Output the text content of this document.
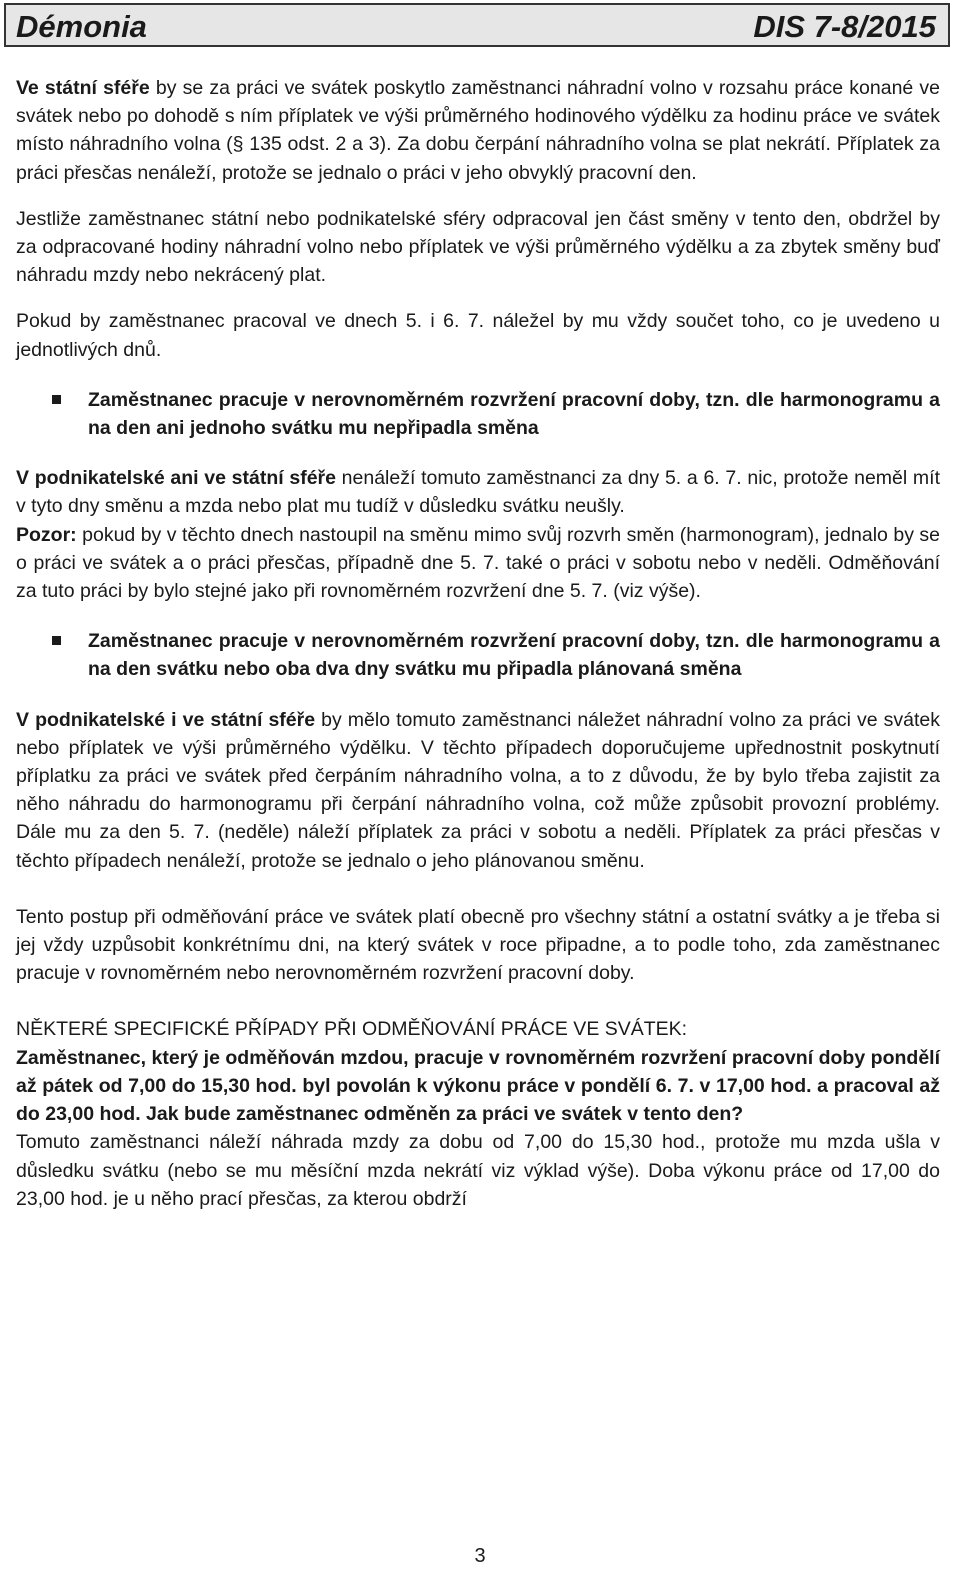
Démonia	DIS 7-8/2015

Ve státní sféře by se za práci ve svátek poskytlo zaměstnanci náhradní volno v rozsahu práce konané ve svátek nebo po dohodě s ním příplatek ve výši průměrného hodinového výdělku za hodinu práce ve svátek místo náhradního volna (§ 135 odst. 2 a 3). Za dobu čerpání náhradního volna se plat nekrátí. Příplatek za práci přesčas nenáleží, protože se jednalo o práci v jeho obvyklý pracovní den.

Jestliže zaměstnanec státní nebo podnikatelské sféry odpracoval jen část směny v tento den, obdržel by za odpracované hodiny náhradní volno nebo příplatek ve výši průměrného výdělku a za zbytek směny buď náhradu mzdy nebo nekrácený plat.

Pokud by zaměstnanec pracoval ve dnech 5. i 6. 7. náležel by mu vždy součet toho, co je uvedeno u jednotlivých dnů.

Zaměstnanec pracuje v nerovnoměrném rozvržení pracovní doby, tzn. dle harmonogramu a na den ani jednoho svátku mu nepřipadla směna

V podnikatelské ani ve státní sféře nenáleží tomuto zaměstnanci za dny 5. a 6. 7. nic, protože neměl mít v tyto dny směnu a mzda nebo plat mu tudíž v důsledku svátku neušly.

Pozor: pokud by v těchto dnech nastoupil na směnu mimo svůj rozvrh směn (harmonogram), jednalo by se o práci ve svátek a o práci přesčas, případně dne 5. 7. také o práci v sobotu nebo v neděli. Odměňování za tuto práci by bylo stejné jako při rovnoměrném rozvržení dne 5. 7. (viz výše).

Zaměstnanec pracuje v nerovnoměrném rozvržení pracovní doby, tzn. dle harmonogramu a na den svátku nebo oba dva dny svátku mu připadla plánovaná směna

V podnikatelské i ve státní sféře by mělo tomuto zaměstnanci náležet náhradní volno za práci ve svátek nebo příplatek ve výši průměrného výdělku. V těchto případech doporučujeme upřednostnit poskytnutí příplatku za práci ve svátek před čerpáním náhradního volna, a to z důvodu, že by bylo třeba zajistit za něho náhradu do harmonogramu při čerpání náhradního volna, což může způsobit provozní problémy. Dále mu za den 5. 7. (neděle) náleží příplatek za práci v sobotu a neděli. Příplatek za práci přesčas v těchto případech nenáleží, protože se jednalo o jeho plánovanou směnu.

Tento postup při odměňování práce ve svátek platí obecně pro všechny státní a ostatní svátky a je třeba si jej vždy uzpůsobit konkrétnímu dni, na který svátek v roce připadne, a to podle toho, zda zaměstnanec pracuje v rovnoměrném nebo nerovnoměrném rozvržení pracovní doby.

NĚKTERÉ SPECIFICKÉ PŘÍPADY PŘI ODMĚŇOVÁNÍ PRÁCE VE SVÁTEK:

Zaměstnanec, který je odměňován mzdou, pracuje v rovnoměrném rozvržení pracovní doby pondělí až pátek od 7,00 do 15,30 hod. byl povolán k výkonu práce v pondělí 6. 7. v 17,00 hod. a pracoval až do 23,00 hod. Jak bude zaměstnanec odměněn za práci ve svátek v tento den?

Tomuto zaměstnanci náleží náhrada mzdy za dobu od 7,00 do 15,30 hod., protože mu mzda ušla v důsledku svátku (nebo se mu měsíční mzda nekrátí viz výklad výše). Doba výkonu práce od 17,00 do 23,00 hod. je u něho prací přesčas, za kterou obdrží

3
